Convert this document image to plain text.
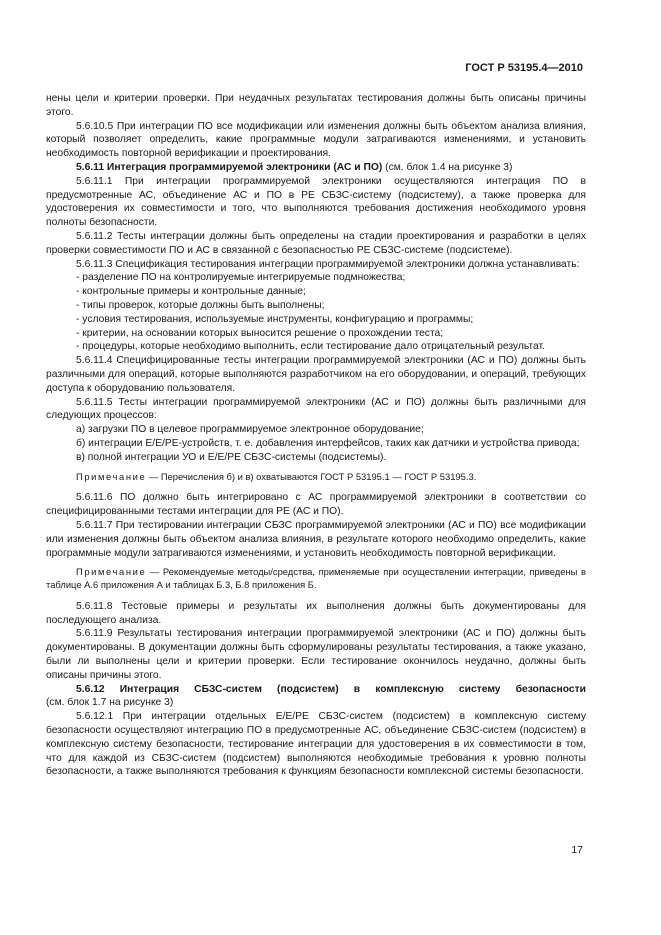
ГОСТ Р 53195.4—2010

нены цели и критерии проверки. При неудачных результатах тестирования должны быть описаны причины этого.

5.6.10.5 При интеграции ПО все модификации или изменения должны быть объектом анализа влияния, который позволяет определить, какие программные модули затрагиваются изменениями, и установить необходимость повторной верификации и проектирования.

5.6.11 Интеграция программируемой электроники (АС и ПО) (см. блок 1.4 на рисунке 3)

5.6.11.1 При интеграции программируемой электроники осуществляются интеграция ПО в предусмотренные АС, объединение АС и ПО в PE СБЗС-систему (подсистему), а также проверка для удостоверения их совместимости и того, что выполняются требования достижения необходимого уровня полноты безопасности.

5.6.11.2 Тесты интеграции должны быть определены на стадии проектирования и разработки в целях проверки совместимости ПО и АС в связанной с безопасностью PE СБЗС-системе (подсистеме).

5.6.11.3 Спецификация тестирования интеграции программируемой электроники должна устанавливать:

- разделение ПО на контролируемые интегрируемые подмножества;

- контрольные примеры и контрольные данные;

- типы проверок, которые должны быть выполнены;

- условия тестирования, используемые инструменты, конфигурацию и программы;

- критерии, на основании которых выносится решение о прохождении теста;

- процедуры, которые необходимо выполнить, если тестирование дало отрицательный результат.

5.6.11.4 Специфицированные тесты интеграции программируемой электроники (АС и ПО) должны быть различными для операций, которые выполняются разработчиком на его оборудовании, и операций, требующих доступа к оборудованию пользователя.

5.6.11.5 Тесты интеграции программируемой электроники (АС и ПО) должны быть различными для следующих процессов:

а) загрузки ПО в целевое программируемое электронное оборудование;

б) интеграции E/E/PE-устройств, т. е. добавления интерфейсов, таких как датчики и устройства привода;

в) полной интеграции УО и E/E/PE СБЗС-системы (подсистемы).

Примечание — Перечисления б) и в) охватываются ГОСТ Р 53195.1 — ГОСТ Р 53195.3.

5.6.11.6 ПО должно быть интегрировано с АС программируемой электроники в соответствии со специфицированными тестами интеграции для PE (АС и ПО).

5.6.11.7 При тестировании интеграции СБЗС программируемой электроники (АС и ПО) все модификации или изменения должны быть объектом анализа влияния, в результате которого необходимо определить, какие программные модули затрагиваются изменениями, и установить необходимость повторной верификации.

Примечание — Рекомендуемые методы/средства, применяемые при осуществлении интеграции, приведены в таблице А.6 приложения А и таблицах Б.3, Б.8 приложения Б.

5.6.11.8 Тестовые примеры и результаты их выполнения должны быть документированы для последующего анализа.

5.6.11.9 Результаты тестирования интеграции программируемой электроники (АС и ПО) должны быть документированы. В документации должны быть сформулированы результаты тестирования, а также указано, были ли выполнены цели и критерии проверки. Если тестирование окончилось неудачно, должны быть описаны причины этого.

5.6.12 Интеграция СБЗС-систем (подсистем) в комплексную систему безопасности

(см. блок 1.7 на рисунке 3)

5.6.12.1 При интеграции отдельных E/E/PE СБЗС-систем (подсистем) в комплексную систему безопасности осуществляют интеграцию ПО в предусмотренные АС, объединение СБЗС-систем (подсистем) в комплексную систему безопасности, тестирование интеграции для удостоверения в их совместимости в том, что для каждой из СБЗС-систем (подсистем) выполняются необходимые требования к уровню полноты безопасности, а также выполняются требования к функциям безопасности комплексной системы безопасности.

17
